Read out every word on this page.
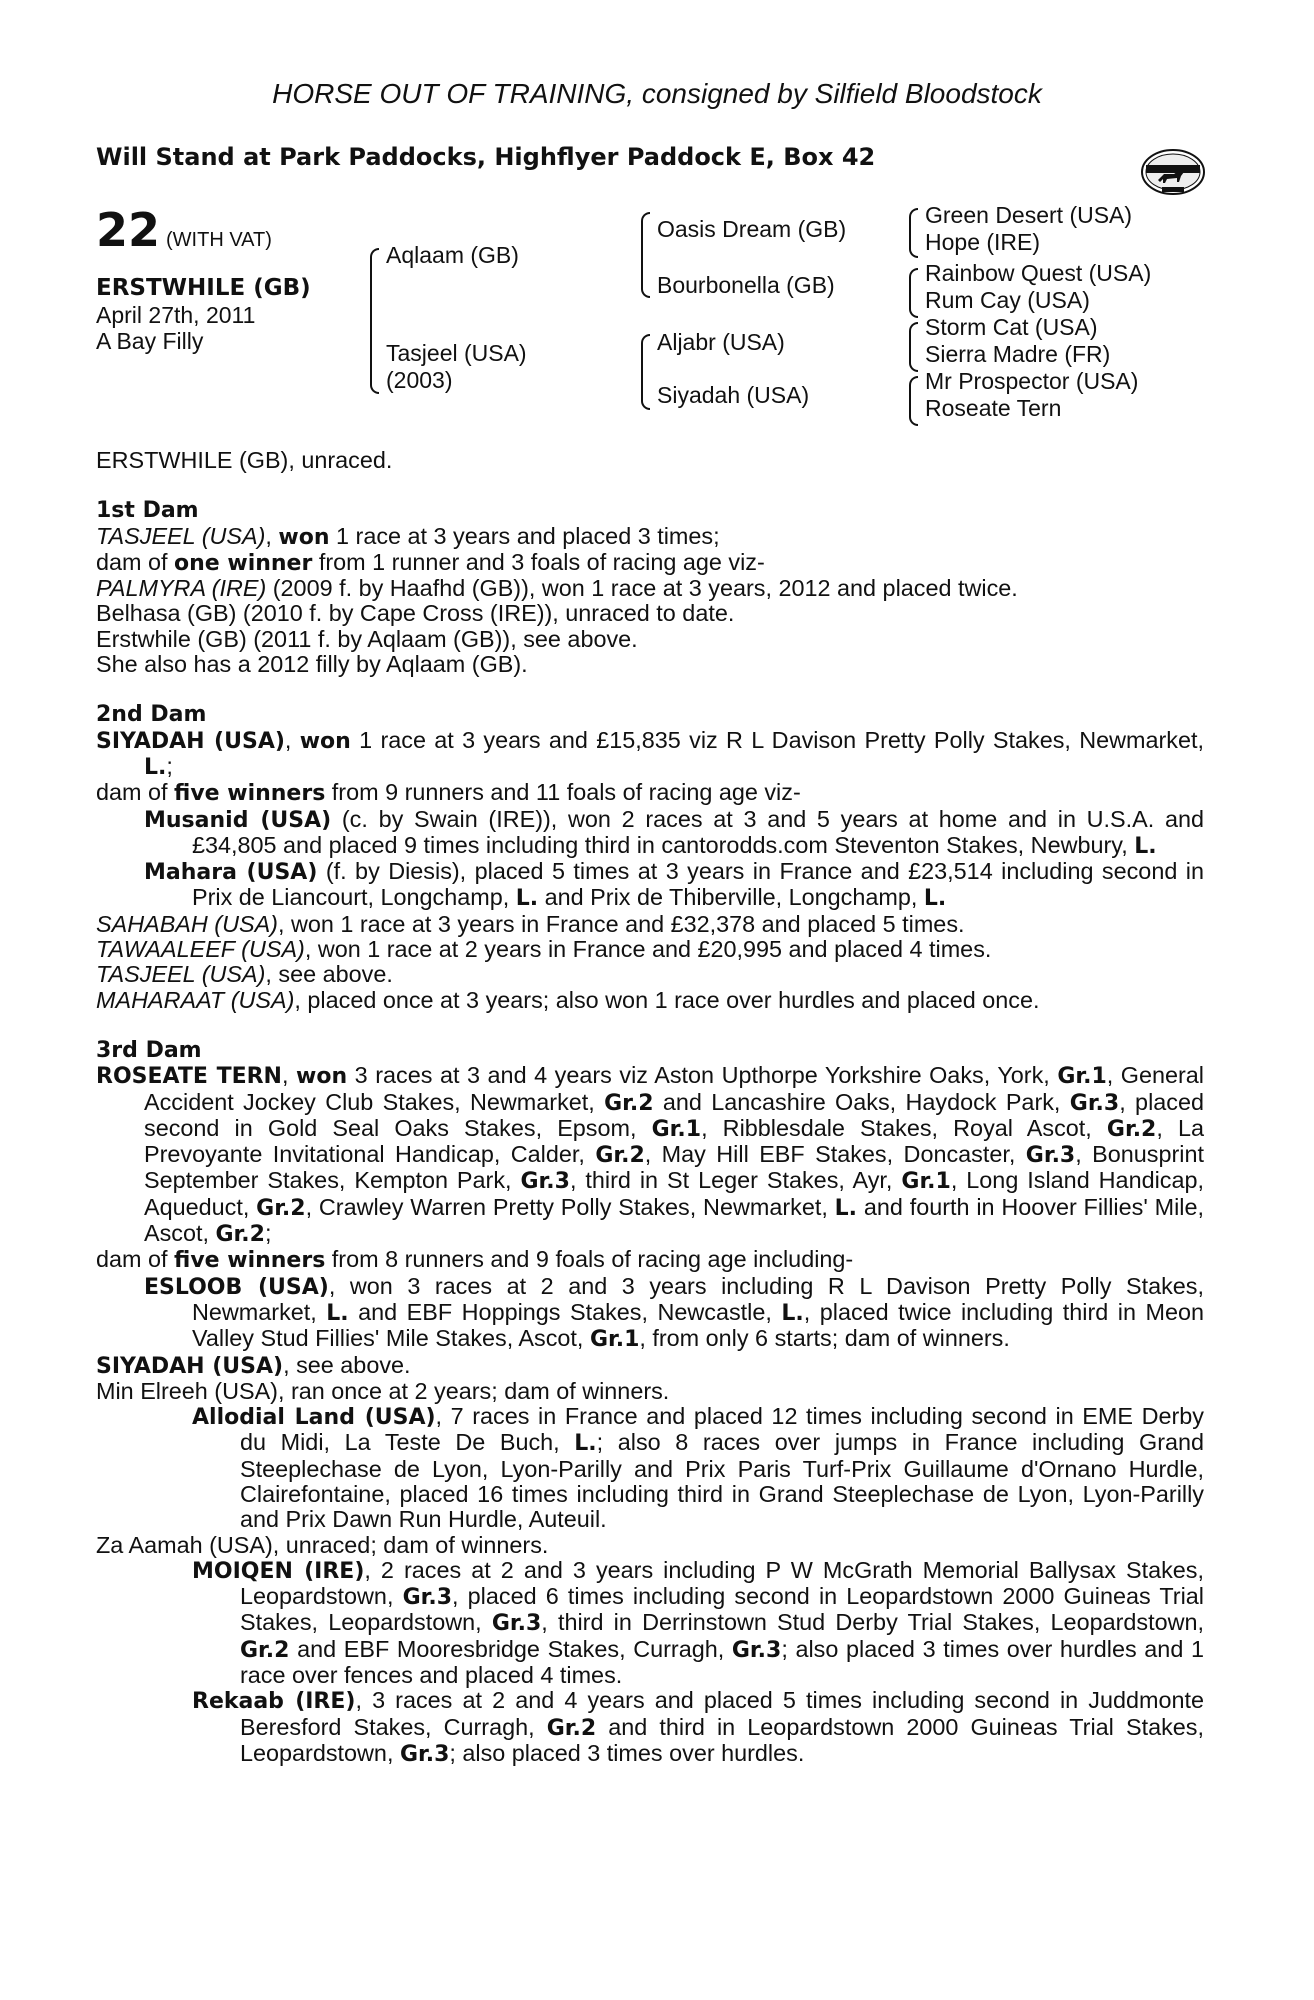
HORSE OUT OF TRAINING, consigned by Silfield Bloodstock
Will Stand at Park Paddocks, Highflyer Paddock E, Box 42
22 (WITH VAT)
ERSTWHILE (GB)
April 27th, 2011
A Bay Filly
Aqlaam (GB)
Tasjeel (USA)
(2003)
Oasis Dream (GB)
Bourbonella (GB)
Aljabr (USA)
Siyadah (USA)
Green Desert (USA)
Hope (IRE)
Rainbow Quest (USA)
Rum Cay (USA)
Storm Cat (USA)
Sierra Madre (FR)
Mr Prospector (USA)
Roseate Tern

ERSTWHILE (GB), unraced.

1st Dam

TASJEEL (USA), won 1 race at 3 years and placed 3 times;

dam of one winner from 1 runner and 3 foals of racing age viz-

PALMYRA (IRE) (2009 f. by Haafhd (GB)), won 1 race at 3 years, 2012 and placed twice.

Belhasa (GB) (2010 f. by Cape Cross (IRE)), unraced to date.

Erstwhile (GB) (2011 f. by Aqlaam (GB)), see above.

She also has a 2012 filly by Aqlaam (GB).

2nd Dam

SIYADAH (USA), won 1 race at 3 years and £15,835 viz R L Davison Pretty Polly Stakes, Newmarket, L.;

dam of five winners from 9 runners and 11 foals of racing age viz-

Musanid (USA) (c. by Swain (IRE)), won 2 races at 3 and 5 years at home and in U.S.A. and £34,805 and placed 9 times including third in cantorodds.com Steventon Stakes, Newbury, L.

Mahara (USA) (f. by Diesis), placed 5 times at 3 years in France and £23,514 including second in Prix de Liancourt, Longchamp, L. and Prix de Thiberville, Longchamp, L.

SAHABAH (USA), won 1 race at 3 years in France and £32,378 and placed 5 times.

TAWAALEEF (USA), won 1 race at 2 years in France and £20,995 and placed 4 times.

TASJEEL (USA), see above.

MAHARAAT (USA), placed once at 3 years; also won 1 race over hurdles and placed once.

3rd Dam

ROSEATE TERN, won 3 races at 3 and 4 years viz Aston Upthorpe Yorkshire Oaks, York, Gr.1, General Accident Jockey Club Stakes, Newmarket, Gr.2 and Lancashire Oaks, Haydock Park, Gr.3, placed second in Gold Seal Oaks Stakes, Epsom, Gr.1, Ribblesdale Stakes, Royal Ascot, Gr.2, La Prevoyante Invitational Handicap, Calder, Gr.2, May Hill EBF Stakes, Doncaster, Gr.3, Bonusprint September Stakes, Kempton Park, Gr.3, third in St Leger Stakes, Ayr, Gr.1, Long Island Handicap, Aqueduct, Gr.2, Crawley Warren Pretty Polly Stakes, Newmarket, L. and fourth in Hoover Fillies' Mile, Ascot, Gr.2;

dam of five winners from 8 runners and 9 foals of racing age including-

ESLOOB (USA), won 3 races at 2 and 3 years including R L Davison Pretty Polly Stakes, Newmarket, L. and EBF Hoppings Stakes, Newcastle, L., placed twice including third in Meon Valley Stud Fillies' Mile Stakes, Ascot, Gr.1, from only 6 starts; dam of winners.

SIYADAH (USA), see above.

Min Elreeh (USA), ran once at 2 years; dam of winners.

Allodial Land (USA), 7 races in France and placed 12 times including second in EME Derby du Midi, La Teste De Buch, L.; also 8 races over jumps in France including Grand Steeplechase de Lyon, Lyon-Parilly and Prix Paris Turf-Prix Guillaume d'Ornano Hurdle, Clairefontaine, placed 16 times including third in Grand Steeplechase de Lyon, Lyon-Parilly and Prix Dawn Run Hurdle, Auteuil.

Za Aamah (USA), unraced; dam of winners.

MOIQEN (IRE), 2 races at 2 and 3 years including P W McGrath Memorial Ballysax Stakes, Leopardstown, Gr.3, placed 6 times including second in Leopardstown 2000 Guineas Trial Stakes, Leopardstown, Gr.3, third in Derrinstown Stud Derby Trial Stakes, Leopardstown, Gr.2 and EBF Mooresbridge Stakes, Curragh, Gr.3; also placed 3 times over hurdles and 1 race over fences and placed 4 times.

Rekaab (IRE), 3 races at 2 and 4 years and placed 5 times including second in Juddmonte Beresford Stakes, Curragh, Gr.2 and third in Leopardstown 2000 Guineas Trial Stakes, Leopardstown, Gr.3; also placed 3 times over hurdles.
